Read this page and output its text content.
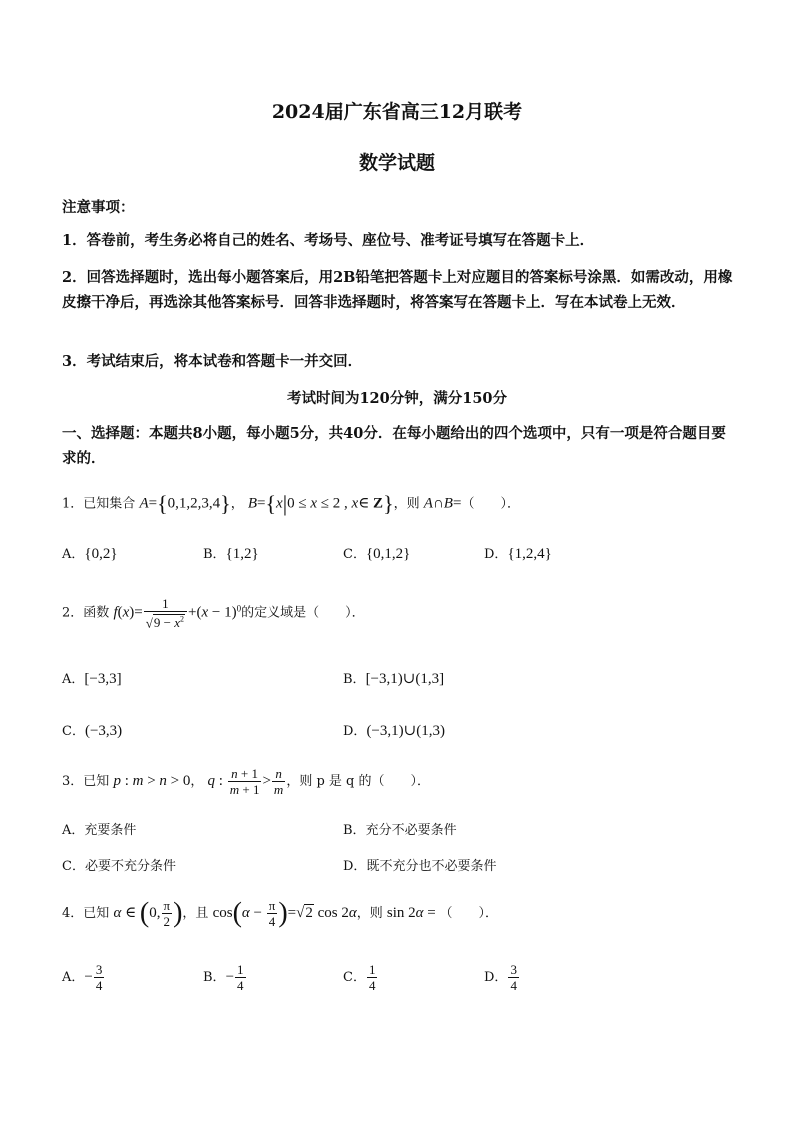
2024届广东省高三12月联考
数学试题
注意事项：
1．答卷前，考生务必将自己的姓名、考场号、座位号、准考证号填写在答题卡上．
2．回答选择题时，选出每小题答案后，用2B铅笔把答题卡上对应题目的答案标号涂黑．如需改动，用橡皮擦干净后，再选涂其他答案标号．回答非选择题时，将答案写在答题卡上．写在本试卷上无效．
3．考试结束后，将本试卷和答题卡一并交回．
考试时间为120分钟，满分150分
一、选择题：本题共8小题，每小题5分，共40分．在每小题给出的四个选项中，只有一项是符合题目要求的．
1．已知集合 A={0,1,2,3,4}， B={x|0 ≤ x ≤ 2 , x∈ Z}，则 A∩B=（　　）．
A．{0,2}	B．{1,2}	C．{0,1,2}	D．{1,2,4}
2．函数 $f(x)= \frac{1}{√9 - x^2} +(x - 1)^0$的定义域是（　　）．
A．[−3,3]	B．[−3,1)∪(1,3]
C．(−3,3)	D．(−3,1)∪(1,3)
3．已知 p : m > n > 0， q : $\frac{n + 1}{m + 1} > \frac{n}{m}$ ，则 p 是 q 的（　　）．
A．充要条件	B．充分不必要条件
C．必要不充分条件	D．既不充分也不必要条件
4．已知 α ∈ (0, $\frac{\pi}{2}$ )，且 $\cos(\alpha - \frac{\pi}{4} )=√2$ cos 2α，则 sin 2α = （　　）．
A．− $\frac{3}{4}$	B．− $\frac{1}{4}$	C． $\frac{1}{4}$	D． $\frac{3}{4}$
